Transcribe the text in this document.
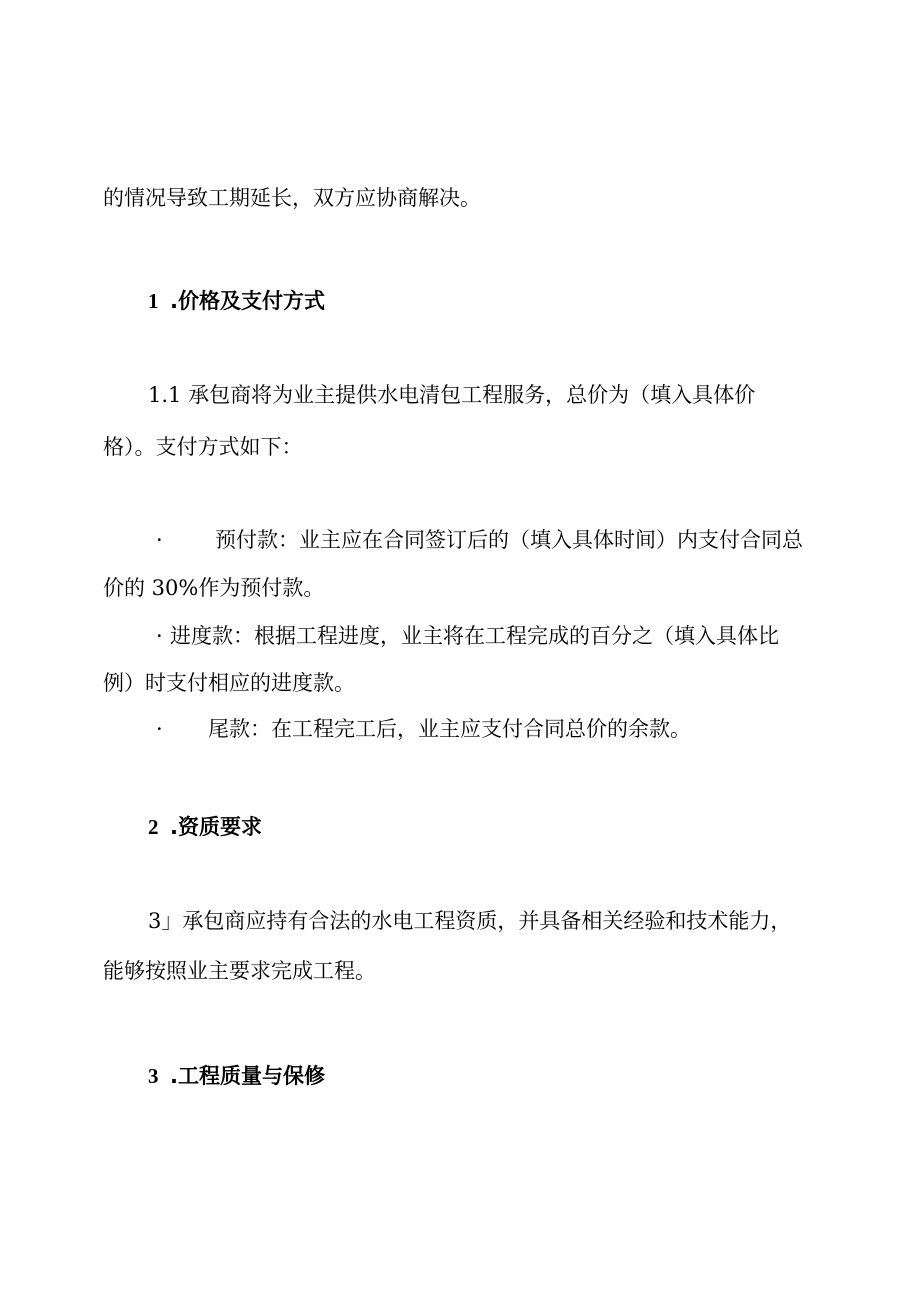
的情况导致工期延长，双方应协商解决。

1 .价格及支付方式

1.1 承包商将为业主提供水电清包工程服务，总价为（填入具体价

格）。支付方式如下：

· 预付款：业主应在合同签订后的（填入具体时间）内支付合同总

价的 30%作为预付款。

· 进度款：根据工程进度，业主将在工程完成的百分之（填入具体比

例）时支付相应的进度款。

· 尾款：在工程完工后，业主应支付合同总价的余款。

2 .资质要求

3」承包商应持有合法的水电工程资质，并具备相关经验和技术能力，

能够按照业主要求完成工程。

3 .工程质量与保修
